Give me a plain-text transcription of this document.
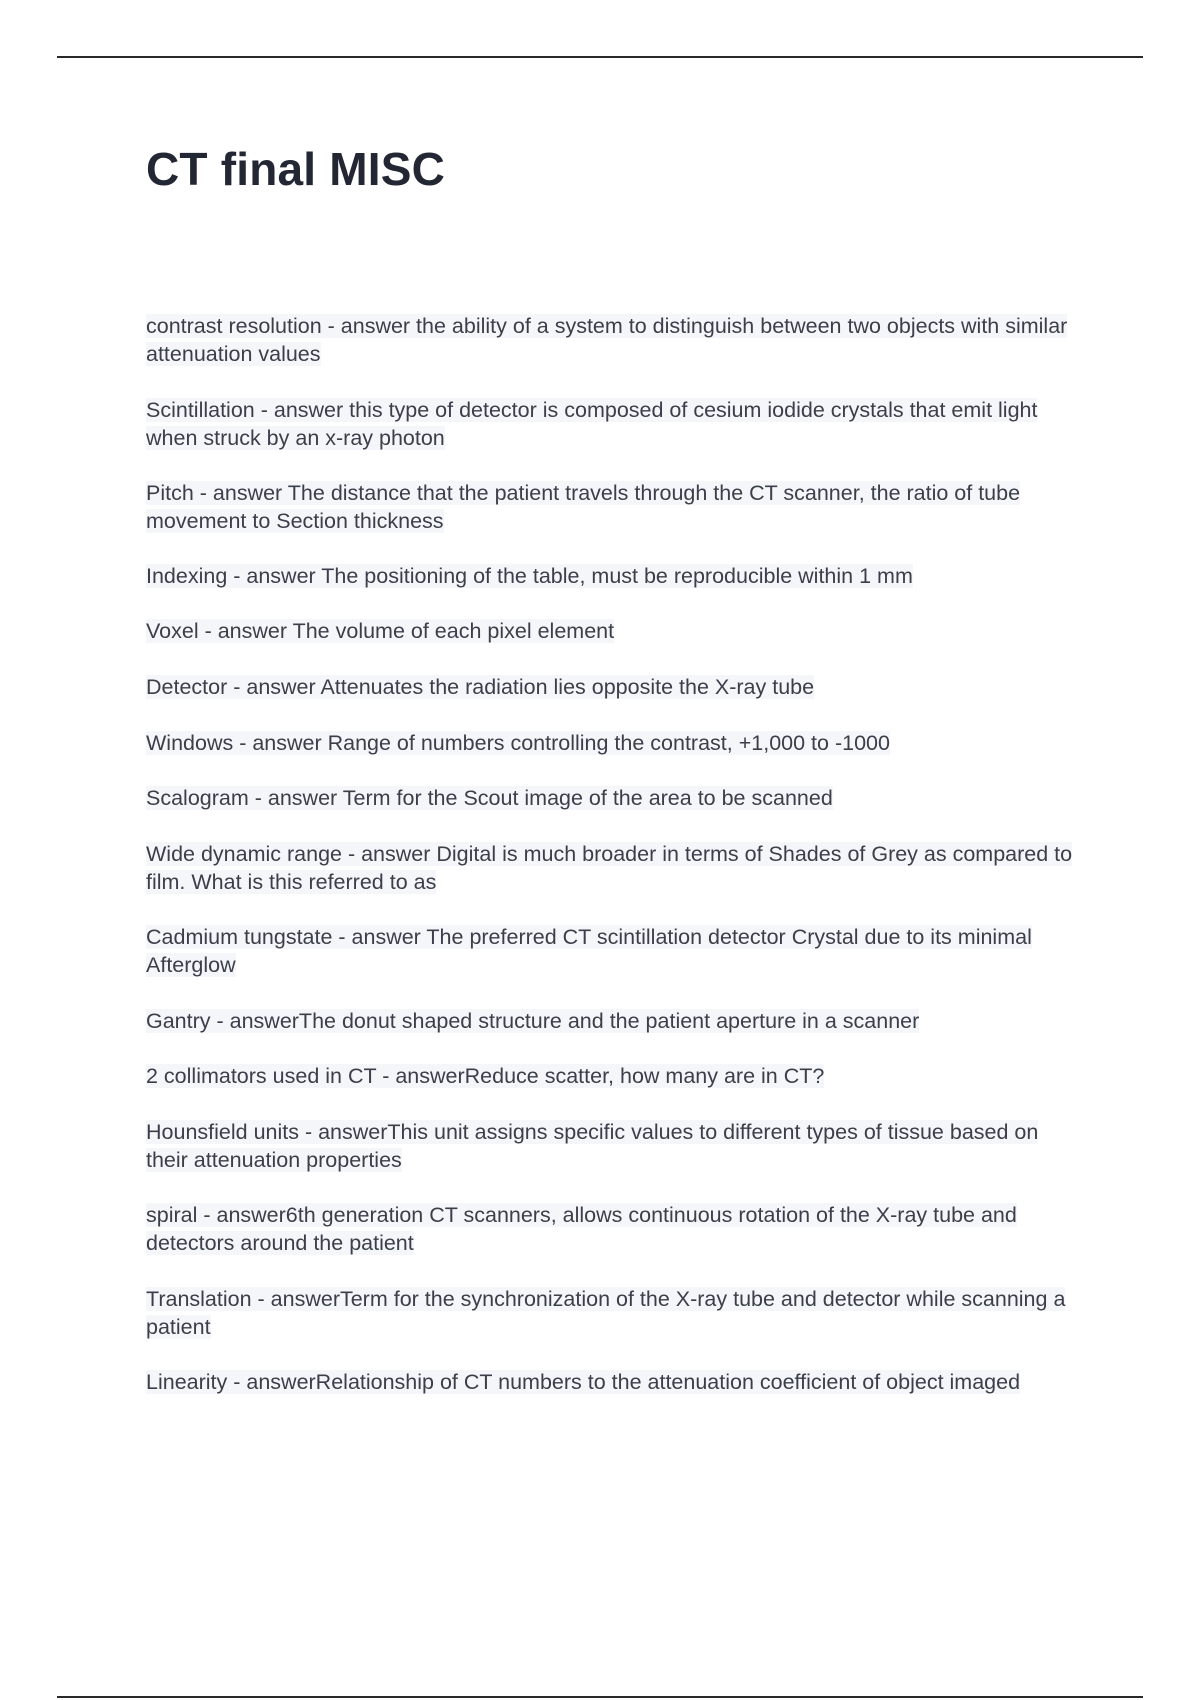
CT final MISC
contrast resolution - answer the ability of a system to distinguish between two objects with similar attenuation values
Scintillation - answer this type of detector is composed of cesium iodide crystals that emit light when struck by an x-ray photon
Pitch - answer The distance that the patient travels through the CT scanner, the ratio of tube movement to Section thickness
Indexing - answer The positioning of the table, must be reproducible within 1 mm
Voxel - answer The volume of each pixel element
Detector - answer Attenuates the radiation lies opposite the X-ray tube
Windows - answer Range of numbers controlling the contrast, +1,000 to -1000
Scalogram - answer Term for the Scout image of the area to be scanned
Wide dynamic range - answer Digital is much broader in terms of Shades of Grey as compared to film. What is this referred to as
Cadmium tungstate - answer The preferred CT scintillation detector Crystal due to its minimal Afterglow
Gantry - answerThe donut shaped structure and the patient aperture in a scanner
2 collimators used in CT - answerReduce scatter, how many are in CT?
Hounsfield units - answerThis unit assigns specific values to different types of tissue based on their attenuation properties
spiral - answer6th generation CT scanners, allows continuous rotation of the X-ray tube and detectors around the patient
Translation - answerTerm for the synchronization of the X-ray tube and detector while scanning a patient
Linearity - answerRelationship of CT numbers to the attenuation coefficient of object imaged
